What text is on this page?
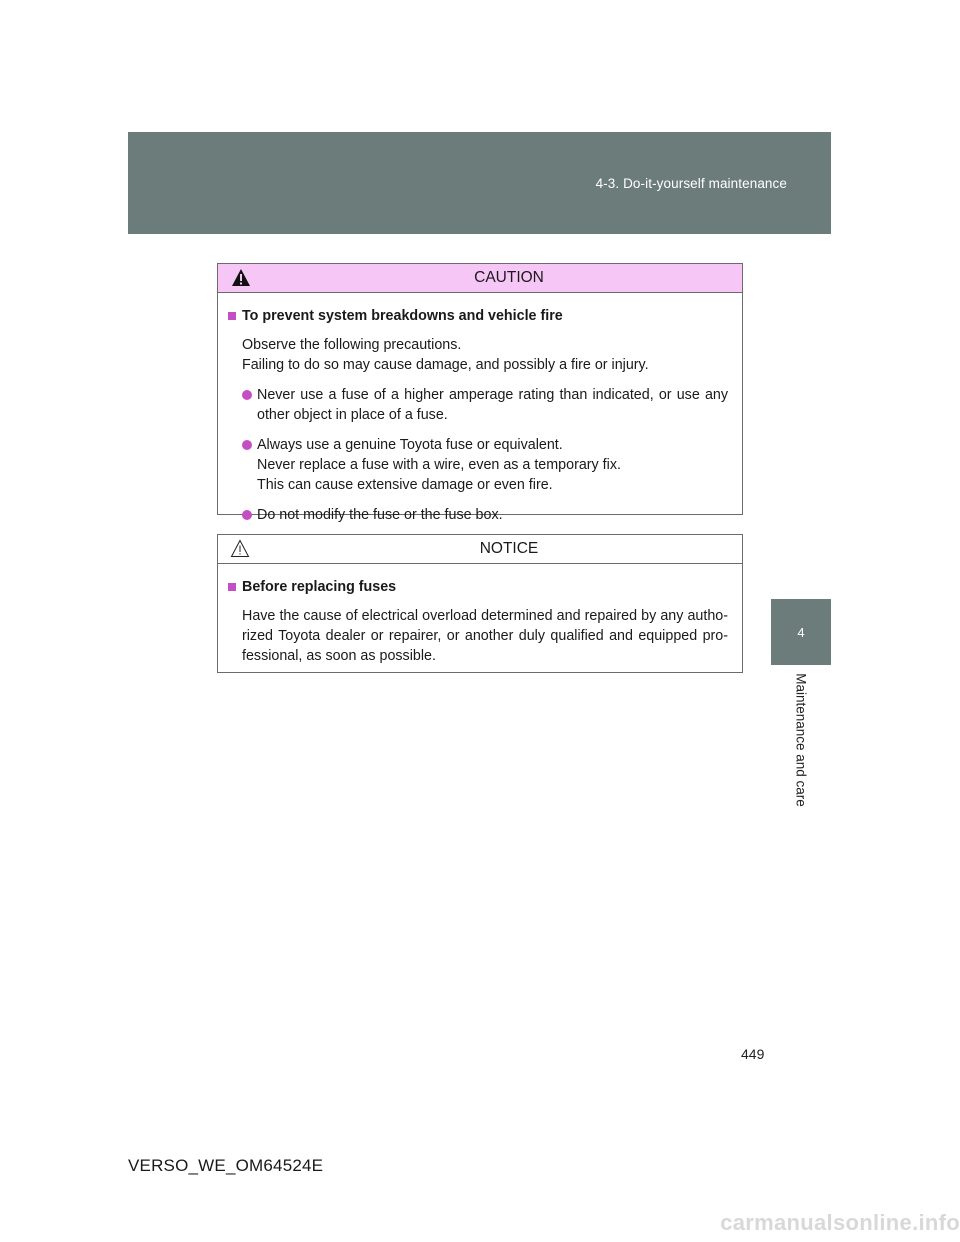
4-3. Do-it-yourself maintenance
4
Maintenance and care
CAUTION
To prevent system breakdowns and vehicle fire
Observe the following precautions.
Failing to do so may cause damage, and possibly a fire or injury.
Never use a fuse of a higher amperage rating than indicated, or use any other object in place of a fuse.
Always use a genuine Toyota fuse or equivalent.
Never replace a fuse with a wire, even as a temporary fix.
This can cause extensive damage or even fire.
Do not modify the fuse or the fuse box.
NOTICE
Before replacing fuses
Have the cause of electrical overload determined and repaired by any autho-rized Toyota dealer or repairer, or another duly qualified and equipped pro-fessional, as soon as possible.
449
VERSO_WE_OM64524E
carmanualsonline.info
